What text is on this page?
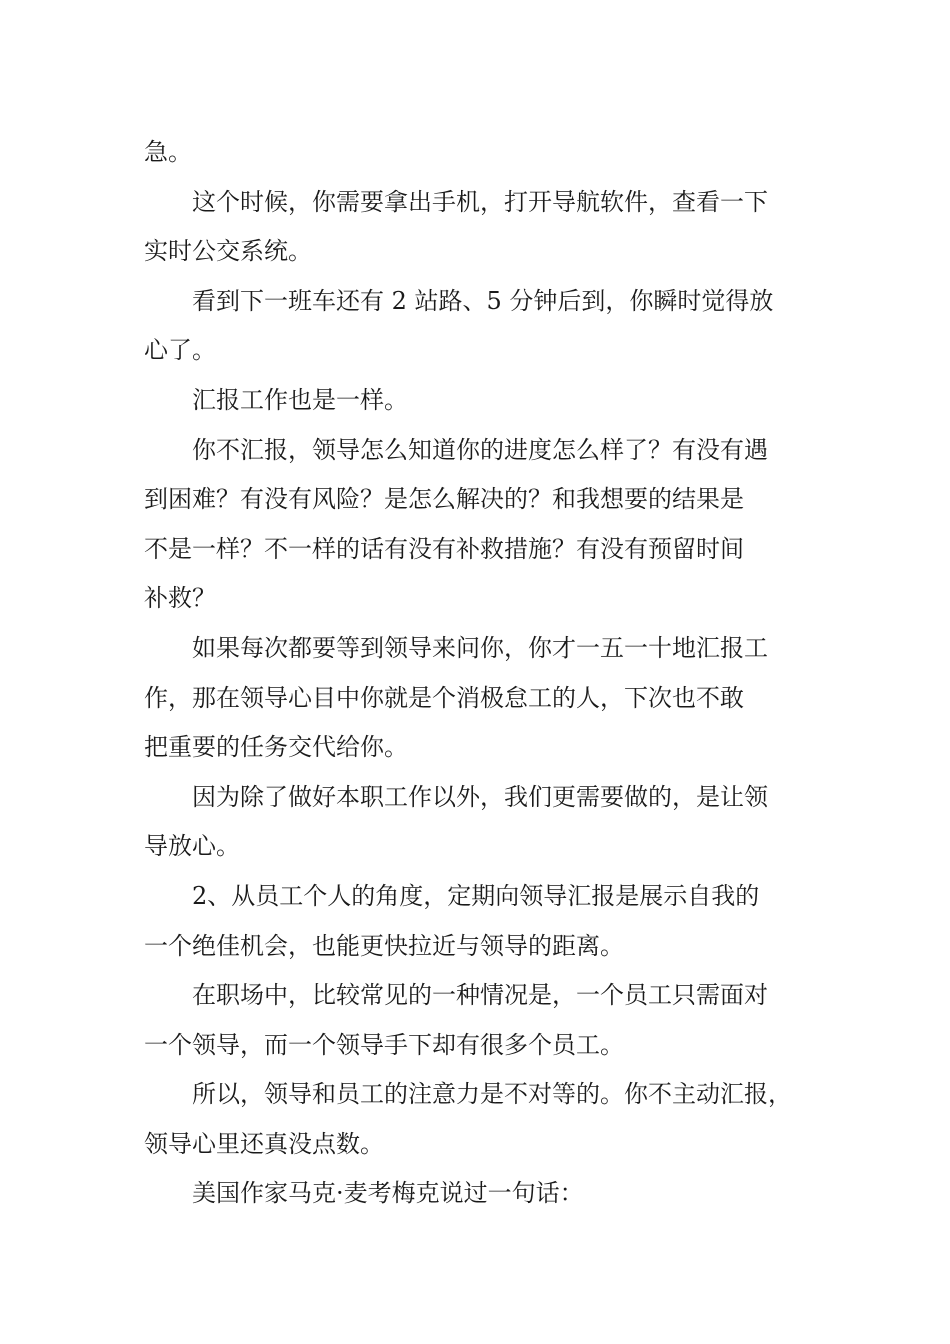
急。
这个时候，你需要拿出手机，打开导航软件，查看一下
实时公交系统。
看到下一班车还有 2 站路、5 分钟后到，你瞬时觉得放
心了。
汇报工作也是一样。
你不汇报，领导怎么知道你的进度怎么样了？有没有遇
到困难？有没有风险？是怎么解决的？和我想要的结果是
不是一样？不一样的话有没有补救措施？有没有预留时间
补救？
如果每次都要等到领导来问你，你才一五一十地汇报工
作，那在领导心目中你就是个消极怠工的人，下次也不敢
把重要的任务交代给你。
因为除了做好本职工作以外，我们更需要做的，是让领
导放心。
2、从员工个人的角度，定期向领导汇报是展示自我的
一个绝佳机会，也能更快拉近与领导的距离。
在职场中，比较常见的一种情况是，一个员工只需面对
一个领导，而一个领导手下却有很多个员工。
所以，领导和员工的注意力是不对等的。你不主动汇报，
领导心里还真没点数。
美国作家马克·麦考梅克说过一句话：
